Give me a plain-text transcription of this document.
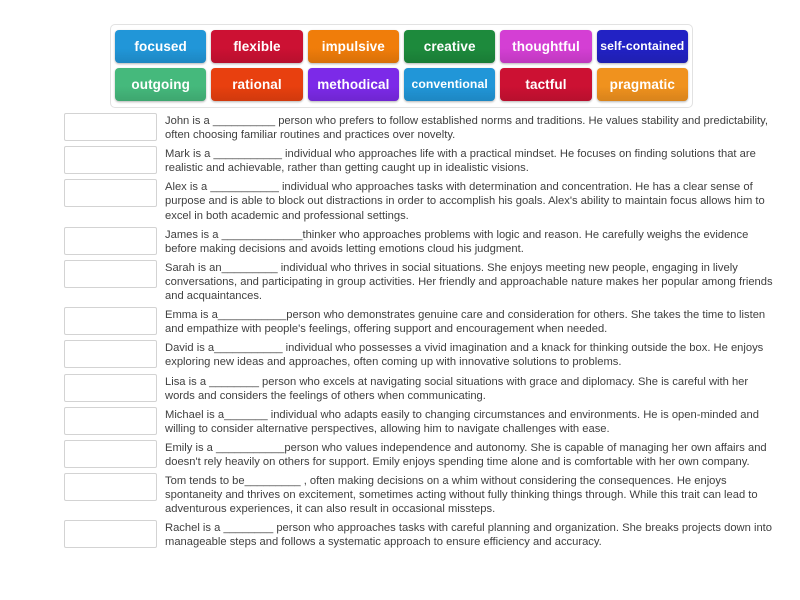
focused	flexible	impulsive	creative	thoughtful	self-contained
outgoing	rational	methodical	conventional	tactful	pragmatic
John is a __________ person who prefers to follow established norms and traditions. He values stability and predictability, often choosing familiar routines and practices over novelty.
Mark is a ___________ individual who approaches life with a practical mindset. He focuses on finding solutions that are realistic and achievable, rather than getting caught up in idealistic visions.
Alex is a ___________ individual who approaches tasks with determination and concentration. He has a clear sense of purpose and is able to block out distractions in order to accomplish his goals. Alex's ability to maintain focus allows him to excel in both academic and professional settings.
James is a _____________thinker who approaches problems with logic and reason. He carefully weighs the evidence before making decisions and avoids letting emotions cloud his judgment.
Sarah is an_________ individual who thrives in social situations. She enjoys meeting new people, engaging in lively conversations, and participating in group activities. Her friendly and approachable nature makes her popular among friends and acquaintances.
Emma is a___________person who demonstrates genuine care and consideration for others. She takes the time to listen and empathize with people's feelings, offering support and encouragement when needed.
David is a___________ individual who possesses a vivid imagination and a knack for thinking outside the box. He enjoys exploring new ideas and approaches, often coming up with innovative solutions to problems.
Lisa is a ________ person who excels at navigating social situations with grace and diplomacy. She is careful with her words and considers the feelings of others when communicating.
Michael is a_______ individual who adapts easily to changing circumstances and environments. He is open-minded and willing to consider alternative perspectives, allowing him to navigate challenges with ease.
Emily is a ___________person who values independence and autonomy. She is capable of managing her own affairs and doesn't rely heavily on others for support. Emily enjoys spending time alone and is comfortable with her own company.
Tom tends to be_________ , often making decisions on a whim without considering the consequences. He enjoys spontaneity and thrives on excitement, sometimes acting without fully thinking things through. While this trait can lead to adventurous experiences, it can also result in occasional missteps.
Rachel is a ________ person who approaches tasks with careful planning and organization. She breaks projects down into manageable steps and follows a systematic approach to ensure efficiency and accuracy.
